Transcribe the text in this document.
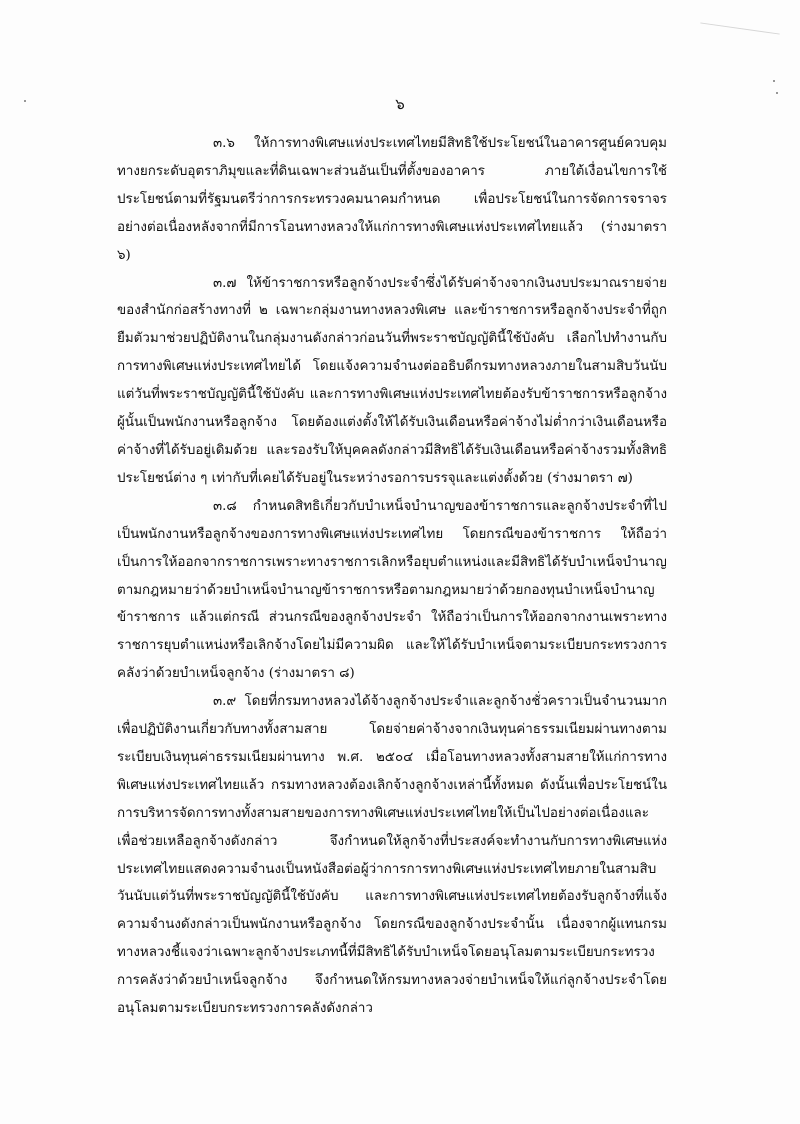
๖

๓.๖ ให้การทางพิเศษแห่งประเทศไทยมีสิทธิใช้ประโยชน์ในอาคารศูนย์ควบคุมทางยกระดับอุตราภิมุขและที่ดินเฉพาะส่วนอันเป็นที่ตั้งของอาคาร ภายใต้เงื่อนไขการใช้ประโยชน์ตามที่รัฐมนตรีว่าการกระทรวงคมนาคมกำหนด เพื่อประโยชน์ในการจัดการจราจรอย่างต่อเนื่องหลังจากที่มีการโอนทางหลวงให้แก่การทางพิเศษแห่งประเทศไทยแล้ว (ร่างมาตรา ๖)

๓.๗ ให้ข้าราชการหรือลูกจ้างประจำซึ่งได้รับค่าจ้างจากเงินงบประมาณรายจ่ายของสำนักก่อสร้างทางที่ ๒ เฉพาะกลุ่มงานทางหลวงพิเศษ และข้าราชการหรือลูกจ้างประจำที่ถูกยืมตัวมาช่วยปฏิบัติงานในกลุ่มงานดังกล่าวก่อนวันที่พระราชบัญญัตินี้ใช้บังคับ เลือกไปทำงานกับการทางพิเศษแห่งประเทศไทยได้ โดยแจ้งความจำนงต่ออธิบดีกรมทางหลวงภายในสามสิบวันนับแต่วันที่พระราชบัญญัตินี้ใช้บังคับ และการทางพิเศษแห่งประเทศไทยต้องรับข้าราชการหรือลูกจ้างผู้นั้นเป็นพนักงานหรือลูกจ้าง โดยต้องแต่งตั้งให้ได้รับเงินเดือนหรือค่าจ้างไม่ต่ำกว่าเงินเดือนหรือค่าจ้างที่ได้รับอยู่เดิมด้วย และรองรับให้บุคคลดังกล่าวมีสิทธิได้รับเงินเดือนหรือค่าจ้างรวมทั้งสิทธิประโยชน์ต่าง ๆ เท่ากับที่เคยได้รับอยู่ในระหว่างรอการบรรจุและแต่งตั้งด้วย (ร่างมาตรา ๗)

๓.๘ กำหนดสิทธิเกี่ยวกับบำเหน็จบำนาญของข้าราชการและลูกจ้างประจำที่ไปเป็นพนักงานหรือลูกจ้างของการทางพิเศษแห่งประเทศไทย โดยกรณีของข้าราชการ ให้ถือว่าเป็นการให้ออกจากราชการเพราะทางราชการเลิกหรือยุบตำแหน่งและมีสิทธิได้รับบำเหน็จบำนาญตามกฎหมายว่าด้วยบำเหน็จบำนาญข้าราชการหรือตามกฎหมายว่าด้วยกองทุนบำเหน็จบำนาญข้าราชการ แล้วแต่กรณี ส่วนกรณีของลูกจ้างประจำ ให้ถือว่าเป็นการให้ออกจากงานเพราะทางราชการยุบตำแหน่งหรือเลิกจ้างโดยไม่มีความผิด และให้ได้รับบำเหน็จตามระเบียบกระทรวงการคลังว่าด้วยบำเหน็จลูกจ้าง (ร่างมาตรา ๘)

๓.๙ โดยที่กรมทางหลวงได้จ้างลูกจ้างประจำและลูกจ้างชั่วคราวเป็นจำนวนมากเพื่อปฏิบัติงานเกี่ยวกับทางทั้งสามสาย โดยจ่ายค่าจ้างจากเงินทุนค่าธรรมเนียมผ่านทางตามระเบียบเงินทุนค่าธรรมเนียมผ่านทาง พ.ศ. ๒๕๐๔ เมื่อโอนทางหลวงทั้งสามสายให้แก่การทางพิเศษแห่งประเทศไทยแล้ว กรมทางหลวงต้องเลิกจ้างลูกจ้างเหล่านี้ทั้งหมด ดังนั้นเพื่อประโยชน์ในการบริหารจัดการทางทั้งสามสายของการทางพิเศษแห่งประเทศไทยให้เป็นไปอย่างต่อเนื่องและเพื่อช่วยเหลือลูกจ้างดังกล่าว จึงกำหนดให้ลูกจ้างที่ประสงค์จะทำงานกับการทางพิเศษแห่งประเทศไทยแสดงความจำนงเป็นหนังสือต่อผู้ว่าการการทางพิเศษแห่งประเทศไทยภายในสามสิบวันนับแต่วันที่พระราชบัญญัตินี้ใช้บังคับ และการทางพิเศษแห่งประเทศไทยต้องรับลูกจ้างที่แจ้งความจำนงดังกล่าวเป็นพนักงานหรือลูกจ้าง โดยกรณีของลูกจ้างประจำนั้น เนื่องจากผู้แทนกรมทางหลวงชี้แจงว่าเฉพาะลูกจ้างประเภทนี้ที่มีสิทธิได้รับบำเหน็จโดยอนุโลมตามระเบียบกระทรวงการคลังว่าด้วยบำเหน็จลูกจ้าง จึงกำหนดให้กรมทางหลวงจ่ายบำเหน็จให้แก่ลูกจ้างประจำโดยอนุโลมตามระเบียบกระทรวงการคลังดังกล่าว
